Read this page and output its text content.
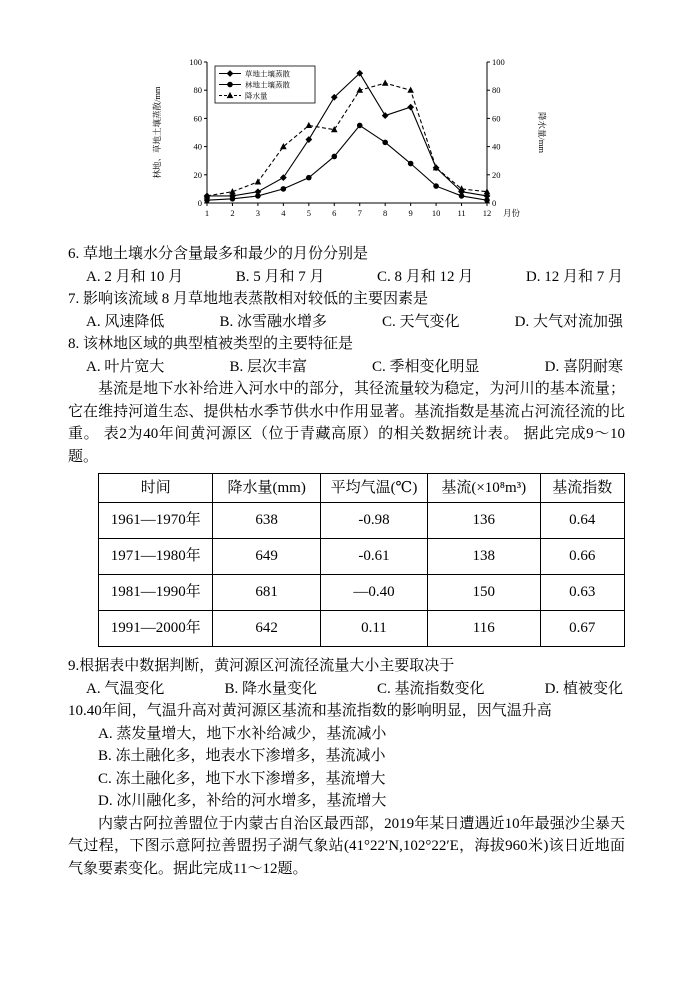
0	0
20	20
40	40
60	60
80	80
100	100
1 2 3 4 5 6 7 8 9 10 11 12 月份
林地、草地土壤蒸散/mm	降水量/mm
草地土壤蒸散
林地土壤蒸散
降水量

6. 草地土壤水分含量最多和最少的月份分别是

A. 2 月和 10 月	B. 5 月和 7 月	C. 8 月和 12 月	D. 12 月和 7 月

7. 影响该流域 8 月草地地表蒸散相对较低的主要因素是

A. 风速降低	B. 冰雪融水增多	C. 天气变化	D. 大气对流加强

8. 该林地区域的典型植被类型的主要特征是

A. 叶片宽大	B. 层次丰富	C. 季相变化明显	D. 喜阴耐寒

基流是地下水补给进入河水中的部分，其径流量较为稳定，为河川的基本流量；它在维持河道生态、提供枯水季节供水中作用显著。基流指数是基流占河流径流的比重。 表2为40年间黄河源区（位于青藏高原）的相关数据统计表。 据此完成9～10题。

时间	降水量(mm)	平均气温(℃)	基流(×10⁸m³)	基流指数
1961—1970年	638	-0.98	136	0.64
1971—1980年	649	-0.61	138	0.66
1981—1990年	681	—0.40	150	0.63
1991—2000年	642	0.11	116	0.67

9.根据表中数据判断，黄河源区河流径流量大小主要取决于

A. 气温变化	B. 降水量变化	C. 基流指数变化	D. 植被变化

10.40年间，气温升高对黄河源区基流和基流指数的影响明显，因气温升高

A. 蒸发量增大，地下水补给减少，基流减小
B. 冻土融化多，地表水下渗增多，基流减小
C. 冻土融化多，地下水下渗增多，基流增大
D. 冰川融化多，补给的河水增多，基流增大

内蒙古阿拉善盟位于内蒙古自治区最西部，2019年某日遭遇近10年最强沙尘暴天气过程，下图示意阿拉善盟拐子湖气象站(41°22′N,102°22′E，海拔960米)该日近地面气象要素变化。据此完成11～12题。
